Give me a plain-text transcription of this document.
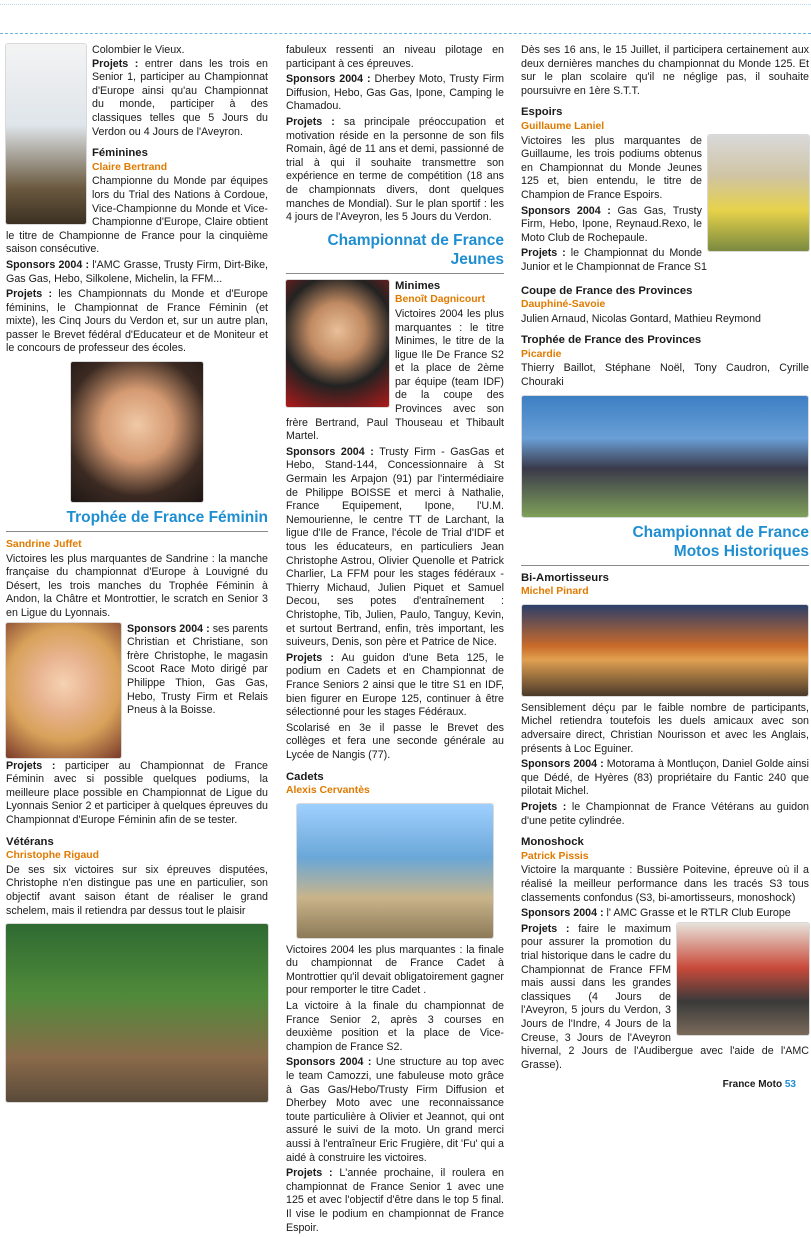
Colombier le Vieux.
Projets : entrer dans les trois en Senior 1, participer au Championnat d'Europe ainsi qu'au Championnat du monde, participer à des classiques telles que 5 Jours du Verdon ou 4 Jours de l'Aveyron.

Féminines
Claire Bertrand

Championne du Monde par équipes lors du Trial des Nations à Cordoue, Vice-Championne du Monde et Vice-Championne d'Europe, Claire obtient le titre de Championne de France pour la cinquième saison consécutive.

Sponsors 2004 : l'AMC Grasse, Trusty Firm, Dirt-Bike, Gas Gas, Hebo, Silkolene, Michelin, la FFM...

Projets : les Championnats du Monde et d'Europe féminins, le Championnat de France Féminin (et mixte), les Cinq Jours du Verdon et, sur un autre plan, passer le Brevet fédéral d'Educateur et de Moniteur et le concours de professeur des écoles.

Trophée de France Féminin
Sandrine Juffet

Victoires les plus marquantes de Sandrine : la manche française du championnat d'Europe à Louvigné du Désert, les trois manches du Trophée Féminin à Andon, la Châtre et Montrottier, le scratch en Senior 3 en Ligue du Lyonnais.

Sponsors 2004 : ses parents Christian et Christiane, son frère Christophe, le magasin Scoot Race Moto dirigé par Philippe Thion, Gas Gas, Hebo, Trusty Firm et Relais Pneus à la Boisse.

Projets : participer au Championnat de France Féminin avec si possible quelques podiums, la meilleure place possible en Championnat de Ligue du Lyonnais Senior 2 et participer à quelques épreuves du Championnat d'Europe Féminin afin de se tester.

Vétérans
Christophe Rigaud

De ses six victoires sur six épreuves disputées, Christophe n'en distingue pas une en particulier, son objectif avant saison étant de réaliser le grand schelem, mais il retiendra par dessus tout le plaisir

fabuleux ressenti an niveau pilotage en participant à ces épreuves.

Sponsors 2004 : Dherbey Moto, Trusty Firm Diffusion, Hebo, Gas Gas, Ipone, Camping le Chamadou.

Projets : sa principale préoccupation et motivation réside en la personne de son fils Romain, âgé de 11 ans et demi, passionné de trial à qui il souhaite transmettre son expérience en terme de compétition (18 ans de championnats divers, dont quelques manches de Mondial). Sur le plan sportif : les 4 jours de l'Aveyron, les 5 Jours du Verdon.

Championnat de France
Jeunes
Minimes
Benoît Dagnicourt

Victoires 2004 les plus marquantes : le titre Minimes, le titre de la ligue Ile De France S2 et la place de 2ème par équipe (team IDF) de la coupe des Provinces avec son frère Bertrand, Paul Thouseau et Thibault Martel.

Sponsors 2004 : Trusty Firm - GasGas et Hebo, Stand-144, Concessionnaire à St Germain les Arpajon (91) par l'intermédiaire de Philippe BOISSE et merci à Nathalie, France Equipement, Ipone, l'U.M. Nemourienne, le centre TT de Larchant, la ligue d'Ile de France, l'école de Trial d'IDF et tous les éducateurs, en particuliers Jean Christophe Astrou, Olivier Quenolle et Patrick Charlier, La FFM pour les stages fédéraux - Thierry Michaud, Julien Piquet et Samuel Decou, ses potes d'entraînement : Christophe, Tib, Julien, Paulo, Tanguy, Kevin, et surtout Bertrand, enfin, très important, les suiveurs, Denis, son père et Patrice de Nice.

Projets : Au guidon d'une Beta 125, le podium en Cadets et en Championnat de France Seniors 2 ainsi que le titre S1 en IDF, bien figurer en Europe 125, continuer à être sélectionné pour les stages Fédéraux.

Scolarisé en 3e il passe le Brevet des collèges et fera une seconde générale au Lycée de Nangis (77).

Cadets
Alexis Cervantès

Victoires 2004 les plus marquantes : la finale du championnat de France Cadet à Montrottier qu'il devait obligatoirement gagner pour remporter le titre Cadet .

La victoire à la finale du championnat de France Senior 2, après 3 courses en deuxième position et la place de Vice-champion de France S2.

Sponsors 2004 : Une structure au top avec le team Camozzi, une fabuleuse moto grâce à Gas Gas/Hebo/Trusty Firm Diffusion et Dherbey Moto avec une reconnaissance toute particulière à Olivier et Jeannot, qui ont assuré le suivi de la moto. Un grand merci aussi à l'entraîneur Eric Frugière, dit 'Fu' qui a aidé à construire les victoires.

Projets : L'année prochaine, il roulera en championnat de France Senior 1 avec une 125 et avec l'objectif d'être dans le top 5 final. Il vise le podium en championnat de France Espoir.

Dès ses 16 ans, le 15 Juillet, il participera certainement aux deux dernières manches du championnat du Monde 125. Et sur le plan scolaire qu'il ne néglige pas, il souhaite poursuivre en 1ère S.T.T.

Espoirs
Guillaume Laniel

Victoires les plus marquantes de Guillaume, les trois podiums obtenus en Championnat du Monde Jeunes 125 et, bien entendu, le titre de Champion de France Espoirs.

Sponsors 2004 : Gas Gas, Trusty Firm, Hebo, Ipone, Reynaud.Rexo, le Moto Club de Rochepaule.

Projets : le Championnat du Monde Junior et le Championnat de France S1

Coupe de France des Provinces
Dauphiné-Savoie

Julien Arnaud, Nicolas Gontard, Mathieu Reymond

Trophée de France des Provinces
Picardie

Thierry Baillot, Stéphane Noël, Tony Caudron, Cyrille Chouraki

Championnat de France
Motos Historiques
Bi-Amortisseurs
Michel Pinard

Sensiblement déçu par le faible nombre de participants, Michel retiendra toutefois les duels amicaux avec son adversaire direct, Christian Nourisson et avec les Anglais, présents à Loc Eguiner.

Sponsors 2004 : Motorama à Montluçon, Daniel Golde ainsi que Dédé, de Hyères (83) propriétaire du Fantic 240 que pilotait Michel.

Projets : le Championnat de France Vétérans au guidon d'une petite cylindrée.

Monoshock
Patrick Pissis

Victoire la marquante : Bussière Poitevine, épreuve où il a réalisé la meilleur performance dans les tracés S3 tous classements confondus (S3, bi-amortisseurs, monoshock)

Sponsors 2004 : l' AMC Grasse et le RTLR Club Europe

Projets : faire le maximum pour assurer la promotion du trial historique dans le cadre du Championnat de France FFM mais aussi dans les grandes classiques (4 Jours de l'Aveyron, 5 jours du Verdon, 3 Jours de l'Indre, 4 Jours de la Creuse, 3 Jours de l'Aveyron hivernal, 2 Jours de l'Audibergue avec l'aide de l'AMC Grasse).

France Moto 53
